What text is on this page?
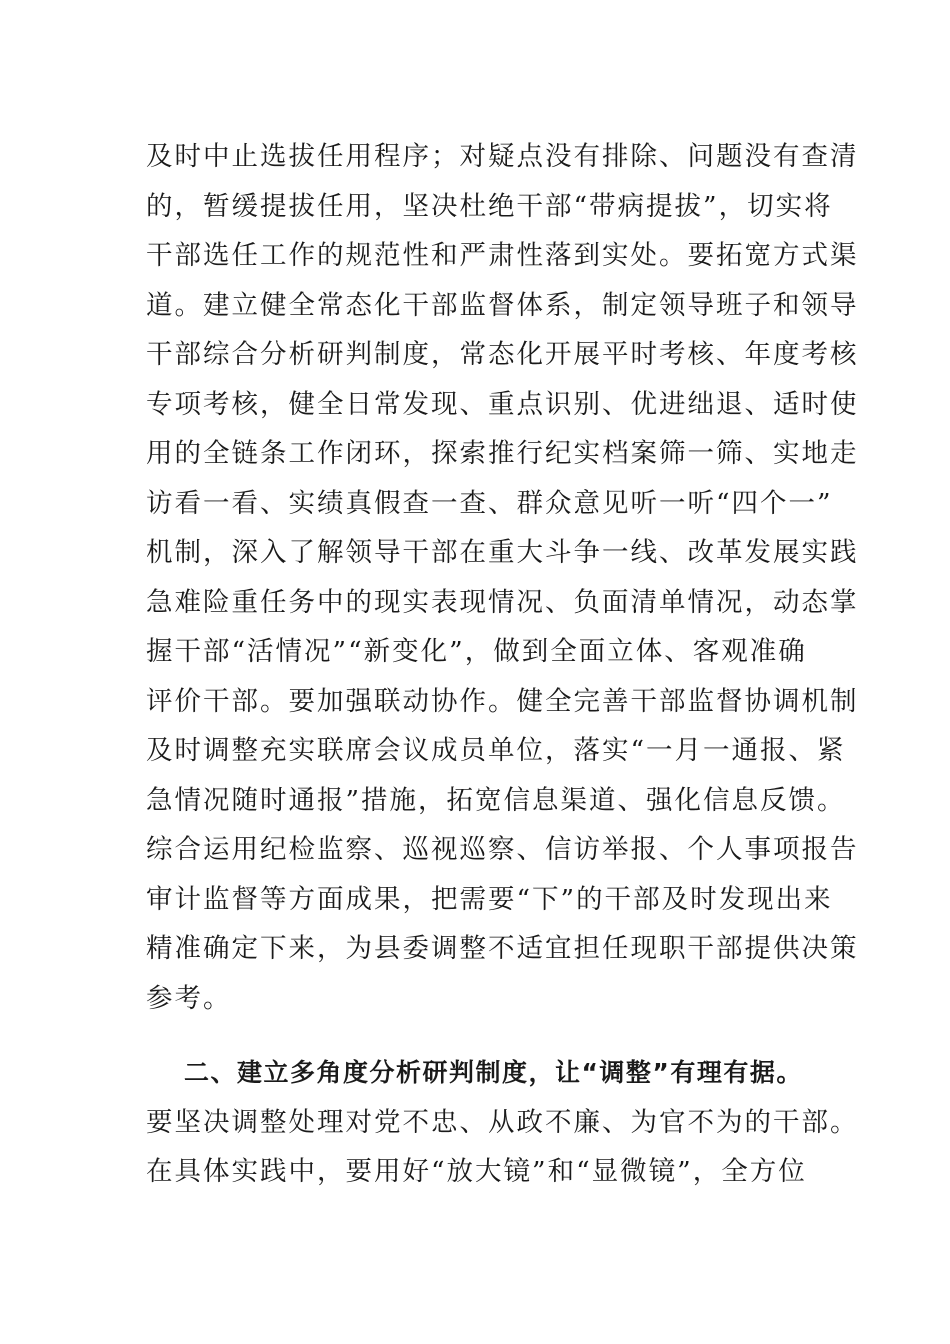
及时中止选拔任用程序；对疑点没有排除、问题没有查清
的，暂缓提拔任用，坚决杜绝干部“带病提拔”，切实将
干部选任工作的规范性和严肃性落到实处。要拓宽方式渠
道。建立健全常态化干部监督体系，制定领导班子和领导
干部综合分析研判制度，常态化开展平时考核、年度考核
专项考核，健全日常发现、重点识别、优进绌退、适时使
用的全链条工作闭环，探索推行纪实档案筛一筛、实地走
访看一看、实绩真假查一查、群众意见听一听“四个一”
机制，深入了解领导干部在重大斗争一线、改革发展实践
急难险重任务中的现实表现情况、负面清单情况，动态掌
握干部“活情况”“新变化”，做到全面立体、客观准确
评价干部。要加强联动协作。健全完善干部监督协调机制
及时调整充实联席会议成员单位，落实“一月一通报、紧
急情况随时通报”措施，拓宽信息渠道、强化信息反馈。
综合运用纪检监察、巡视巡察、信访举报、个人事项报告
审计监督等方面成果，把需要“下”的干部及时发现出来
精准确定下来，为县委调整不适宜担任现职干部提供决策
参考。
二、建立多角度分析研判制度，让“调整”有理有据。
要坚决调整处理对党不忠、从政不廉、为官不为的干部。
在具体实践中，要用好“放大镜”和“显微镜”，全方位
